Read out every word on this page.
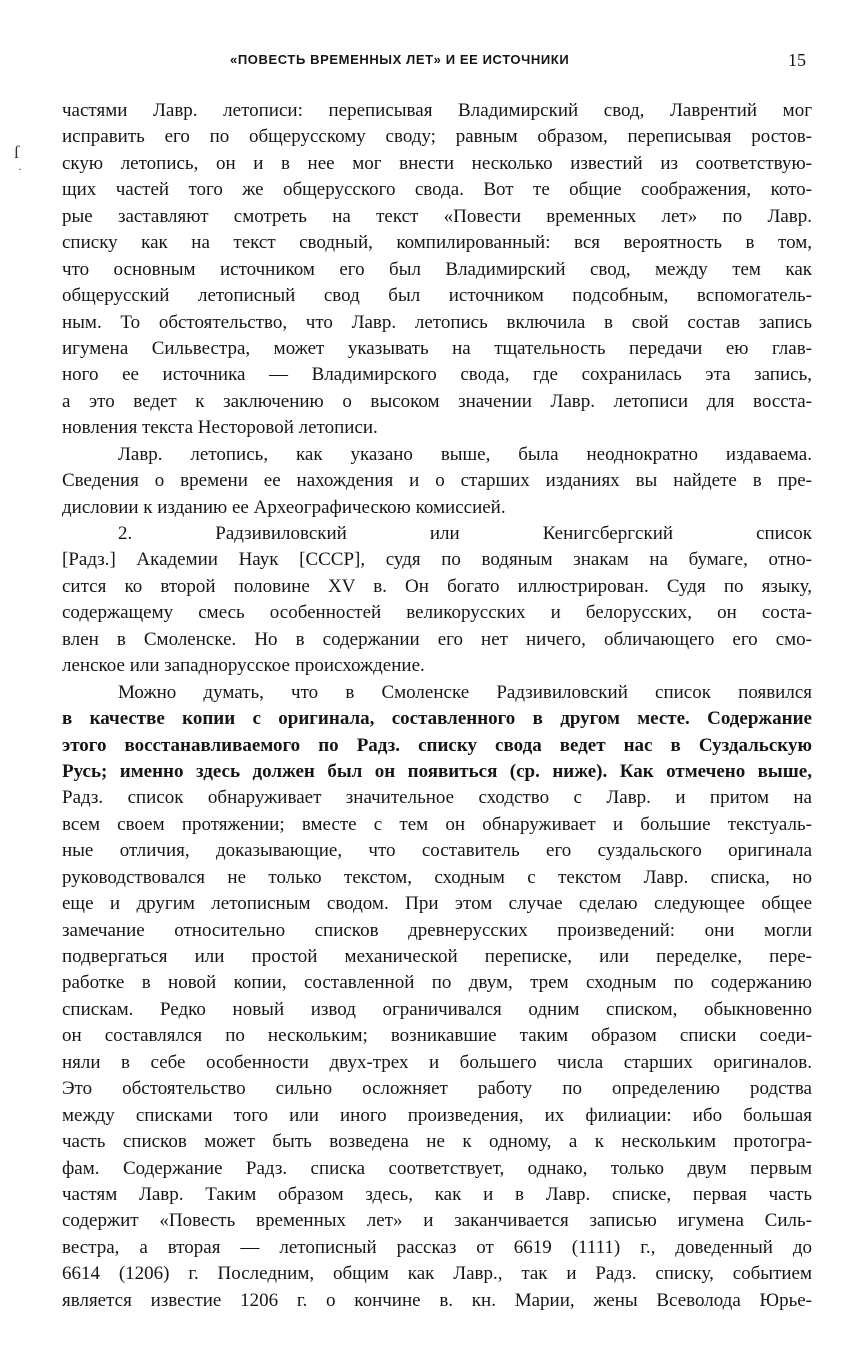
«ПОВЕСТЬ ВРЕМЕННЫХ ЛЕТ» И ЕЕ ИСТОЧНИКИ	15
ſ
·
частями Лавр. летописи: переписывая Владимирский свод, Лаврентий мог
исправить его по общерусскому своду; равным образом, переписывая ростов-
скую летопись, он и в нее мог внести несколько известий из соответствую-
щих частей того же общерусского свода. Вот те общие соображения, кото-
рые заставляют смотреть на текст «Повести временных лет» по Лавр.
списку как на текст сводный, компилированный: вся вероятность в том,
что основным источником его был Владимирский свод, между тем как
общерусский летописный свод был источником подсобным, вспомогатель-
ным. То обстоятельство, что Лавр. летопись включила в свой состав запись
игумена Сильвестра, может указывать на тщательность передачи ею глав-
ного ее источника — Владимирского свода, где сохранилась эта запись,
а это ведет к заключению о высоком значении Лавр. летописи для восста-
новления текста Несторовой летописи.
Лавр. летопись, как указано выше, была неоднократно издаваема.
Сведения о времени ее нахождения и о старших изданиях вы найдете в пре-
дисловии к изданию ее Археографическою комиссией.
2. Радзивиловский или Кенигсбергский список
[Радз.] Академии Наук [СССР], судя по водяным знакам на бумаге, отно-
сится ко второй половине XV в. Он богато иллюстрирован. Судя по языку,
содержащему смесь особенностей великорусских и белорусских, он соста-
влен в Смоленске. Но в содержании его нет ничего, обличающего его смо-
ленское или западнорусское происхождение.
Можно думать, что в Смоленске Радзивиловский список появился
в качестве копии с оригинала, составленного в другом месте. Содержание
этого восстанавливаемого по Радз. списку свода ведет нас в Суздальскую
Русь; именно здесь должен был он появиться (ср. ниже). Как отмечено выше,
Радз. список обнаруживает значительное сходство с Лавр. и притом на
всем своем протяжении; вместе с тем он обнаруживает и большие текстуаль-
ные отличия, доказывающие, что составитель его суздальского оригинала
руководствовался не только текстом, сходным с текстом Лавр. списка, но
еще и другим летописным сводом. При этом случае сделаю следующее общее
замечание относительно списков древнерусских произведений: они могли
подвергаться или простой механической переписке, или переделке, пере-
работке в новой копии, составленной по двум, трем сходным по содержанию
спискам. Редко новый извод ограничивался одним списком, обыкновенно
он составлялся по нескольким; возникавшие таким образом списки соеди-
няли в себе особенности двух-трех и большего числа старших оригиналов.
Это обстоятельство сильно осложняет работу по определению родства
между списками того или иного произведения, их филиации: ибо большая
часть списков может быть возведена не к одному, а к нескольким протогра-
фам. Содержание Радз. списка соответствует, однако, только двум первым
частям Лавр. Таким образом здесь, как и в Лавр. списке, первая часть
содержит «Повесть временных лет» и заканчивается записью игумена Силь-
вестра, а вторая — летописный рассказ от 6619 (1111) г., доведенный до
6614 (1206) г. Последним, общим как Лавр., так и Радз. списку, событием
является известие 1206 г. о кончине в. кн. Марии, жены Всеволода Юрье-
